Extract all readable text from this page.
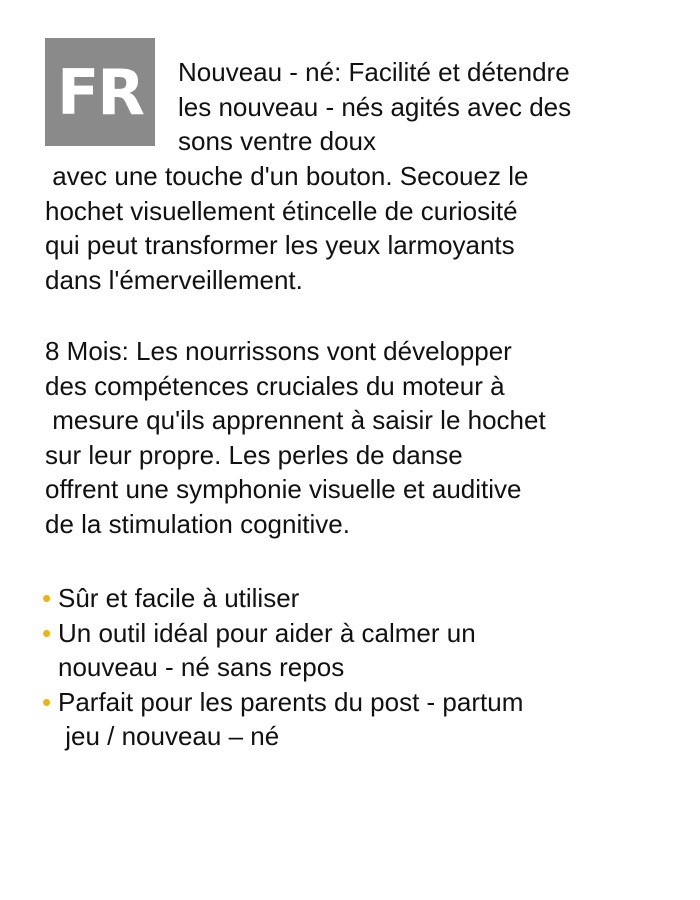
FR	Nouveau - né: Facilité et détendre
les nouveau - nés agités avec des
sons ventre doux
avec une touche d'un bouton. Secouez le
hochet visuellement étincelle de curiosité
qui peut transformer les yeux larmoyants
dans l'émerveillement.
8 Mois: Les nourrissons vont développer
des compétences cruciales du moteur à
mesure qu'ils apprennent à saisir le hochet
sur leur propre. Les perles de danse
offrent une symphonie visuelle et auditive
de la stimulation cognitive.
• Sûr et facile à utiliser
• Un outil idéal pour aider à calmer un
nouveau - né sans repos
• Parfait pour les parents du post - partum
jeu / nouveau – né
